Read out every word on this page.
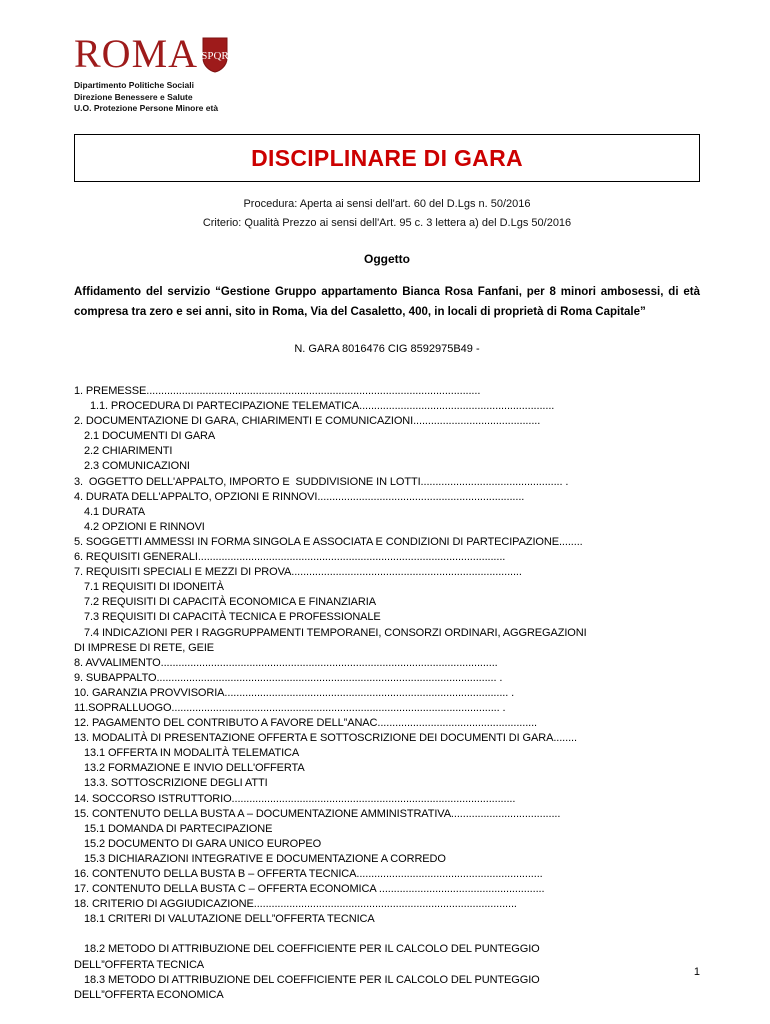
ROMA SPQR
Dipartimento Politiche Sociali
Direzione Benessere e Salute
U.O. Protezione Persone Minore età
DISCIPLINARE DI GARA
Procedura: Aperta ai sensi dell'art. 60 del D.Lgs n. 50/2016
Criterio: Qualità Prezzo ai sensi dell'Art. 95 c. 3 lettera a) del D.Lgs 50/2016
Oggetto
Affidamento del servizio “Gestione Gruppo appartamento Bianca Rosa Fanfani, per 8 minori ambosessi, di età compresa tra zero e sei anni, sito in Roma, Via del Casaletto, 400, in locali di proprietà di Roma Capitale”
N. GARA 8016476 CIG 8592975B49 -
1. PREMESSE.................................................................................................................
1.1. PROCEDURA DI PARTECIPAZIONE TELEMATICA..................................................................
2. DOCUMENTAZIONE DI GARA, CHIARIMENTI E COMUNICAZIONI...........................................
2.1 DOCUMENTI DI GARA
2.2 CHIARIMENTI
2.3 COMUNICAZIONI
3.  OGGETTO DELL'APPALTO, IMPORTO E  SUDDIVISIONE IN LOTTI................................................ .
4. DURATA DELL'APPALTO, OPZIONI E RINNOVI......................................................................
4.1 DURATA
4.2 OPZIONI E RINNOVI
5. SOGGETTI AMMESSI IN FORMA SINGOLA E ASSOCIATA E CONDIZIONI DI PARTECIPAZIONE........
6. REQUISITI GENERALI........................................................................................................
7. REQUISITI SPECIALI E MEZZI DI PROVA..............................................................................
7.1 REQUISITI DI IDONEITÀ
7.2 REQUISITI DI CAPACITÀ ECONOMICA E FINANZIARIA
7.3 REQUISITI DI CAPACITÀ TECNICA E PROFESSIONALE
7.4 INDICAZIONI PER I RAGGRUPPAMENTI TEMPORANEI, CONSORZI ORDINARI, AGGREGAZIONI
DI IMPRESE DI RETE, GEIE
8. AVVALIMENTO..................................................................................................................
9. SUBAPPALTO................................................................................................................... .
10. GARANZIA PROVVISORIA................................................................................................ .
11.SOPRALLUOGO............................................................................................................... .
12. PAGAMENTO DEL CONTRIBUTO A FAVORE DELL”ANAC......................................................
13. MODALITÀ DI PRESENTAZIONE OFFERTA E SOTTOSCRIZIONE DEI DOCUMENTI DI GARA........
13.1 OFFERTA IN MODALITÀ TELEMATICA
13.2 FORMAZIONE E INVIO DELL'OFFERTA
13.3. SOTTOSCRIZIONE DEGLI ATTI
14. SOCCORSO ISTRUTTORIO................................................................................................
15. CONTENUTO DELLA BUSTA A – DOCUMENTAZIONE AMMINISTRATIVA.....................................
15.1 DOMANDA DI PARTECIPAZIONE
15.2 DOCUMENTO DI GARA UNICO EUROPEO
15.3 DICHIARAZIONI INTEGRATIVE E DOCUMENTAZIONE A CORREDO
16. CONTENUTO DELLA BUSTA B – OFFERTA TECNICA...............................................................
17. CONTENUTO DELLA BUSTA C – OFFERTA ECONOMICA ........................................................
18. CRITERIO DI AGGIUDICAZIONE.........................................................................................
18.1 CRITERI DI VALUTAZIONE DELL”OFFERTA TECNICA

18.2 METODO DI ATTRIBUZIONE DEL COEFFICIENTE PER IL CALCOLO DEL PUNTEGGIO
DELL”OFFERTA TECNICA
18.3 METODO DI ATTRIBUZIONE DEL COEFFICIENTE PER IL CALCOLO DEL PUNTEGGIO
DELL”OFFERTA ECONOMICA
1
